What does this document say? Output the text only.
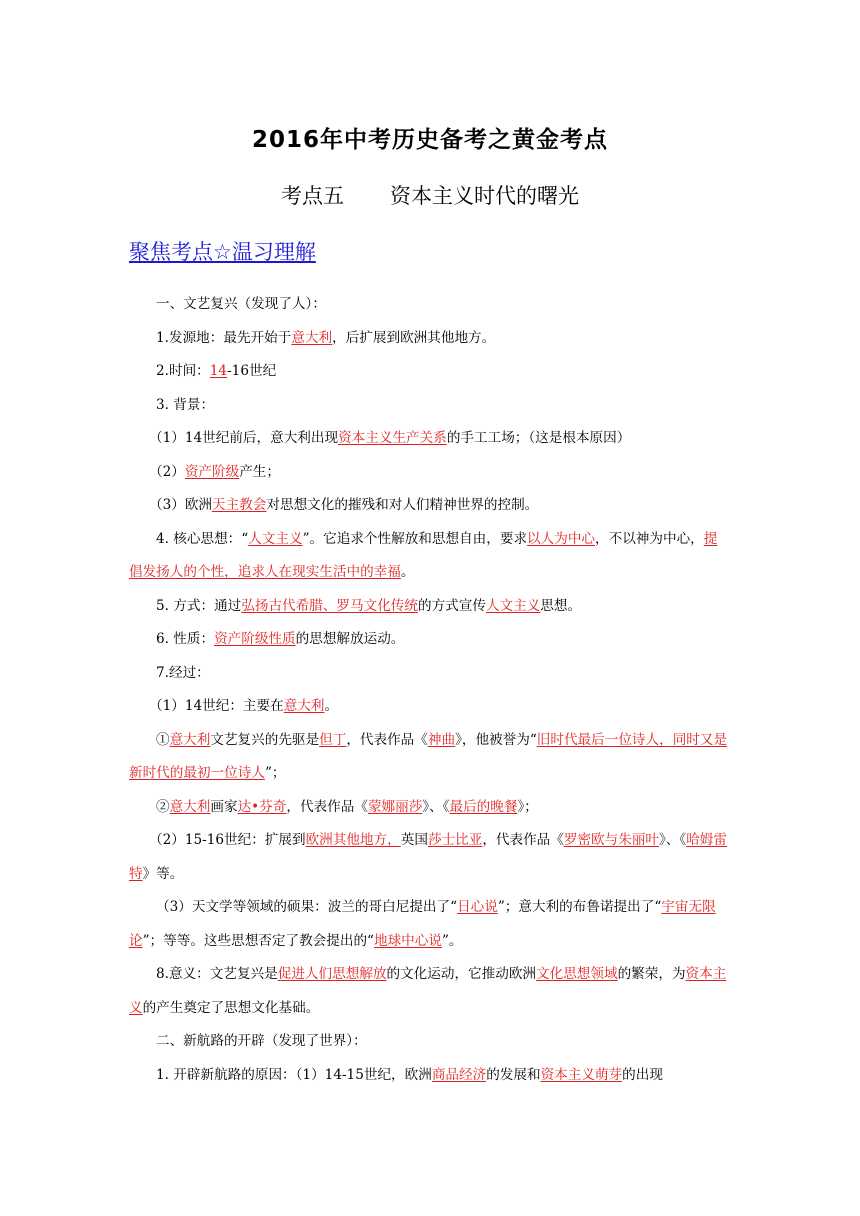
2016年中考历史备考之黄金考点
考点五 资本主义时代的曙光
聚焦考点☆温习理解

一、文艺复兴（发现了人）：

1.发源地：最先开始于意大利，后扩展到欧洲其他地方。

2.时间：14-16世纪

3. 背景：

（1）14世纪前后，意大利出现资本主义生产关系的手工工场；（这是根本原因）

（2）资产阶级产生；

（3）欧洲天主教会对思想文化的摧残和对人们精神世界的控制。

4. 核心思想：“人文主义”。它追求个性解放和思想自由，要求以人为中心，不以神为中心，提倡发扬人的个性，追求人在现实生活中的幸福。

5. 方式：通过弘扬古代希腊、罗马文化传统的方式宣传人文主义思想。

6. 性质：资产阶级性质的思想解放运动。

7.经过：

（1）14世纪：主要在意大利。

①意大利文艺复兴的先驱是但丁，代表作品《神曲》，他被誉为“旧时代最后一位诗人，同时又是新时代的最初一位诗人”；

②意大利画家达•芬奇，代表作品《蒙娜丽莎》、《最后的晚餐》；

（2）15-16世纪：扩展到欧洲其他地方，英国莎士比亚，代表作品《罗密欧与朱丽叶》、《哈姆雷特》等。

（3）天文学等领域的硕果：波兰的哥白尼提出了“日心说”；意大利的布鲁诺提出了“宇宙无限论”；等等。这些思想否定了教会提出的“地球中心说”。

8.意义：文艺复兴是促进人们思想解放的文化运动，它推动欧洲文化思想领域的繁荣，为资本主义的产生奠定了思想文化基础。

二、新航路的开辟（发现了世界）：

1. 开辟新航路的原因：（1）14-15世纪，欧洲商品经济的发展和资本主义萌芽的出现
